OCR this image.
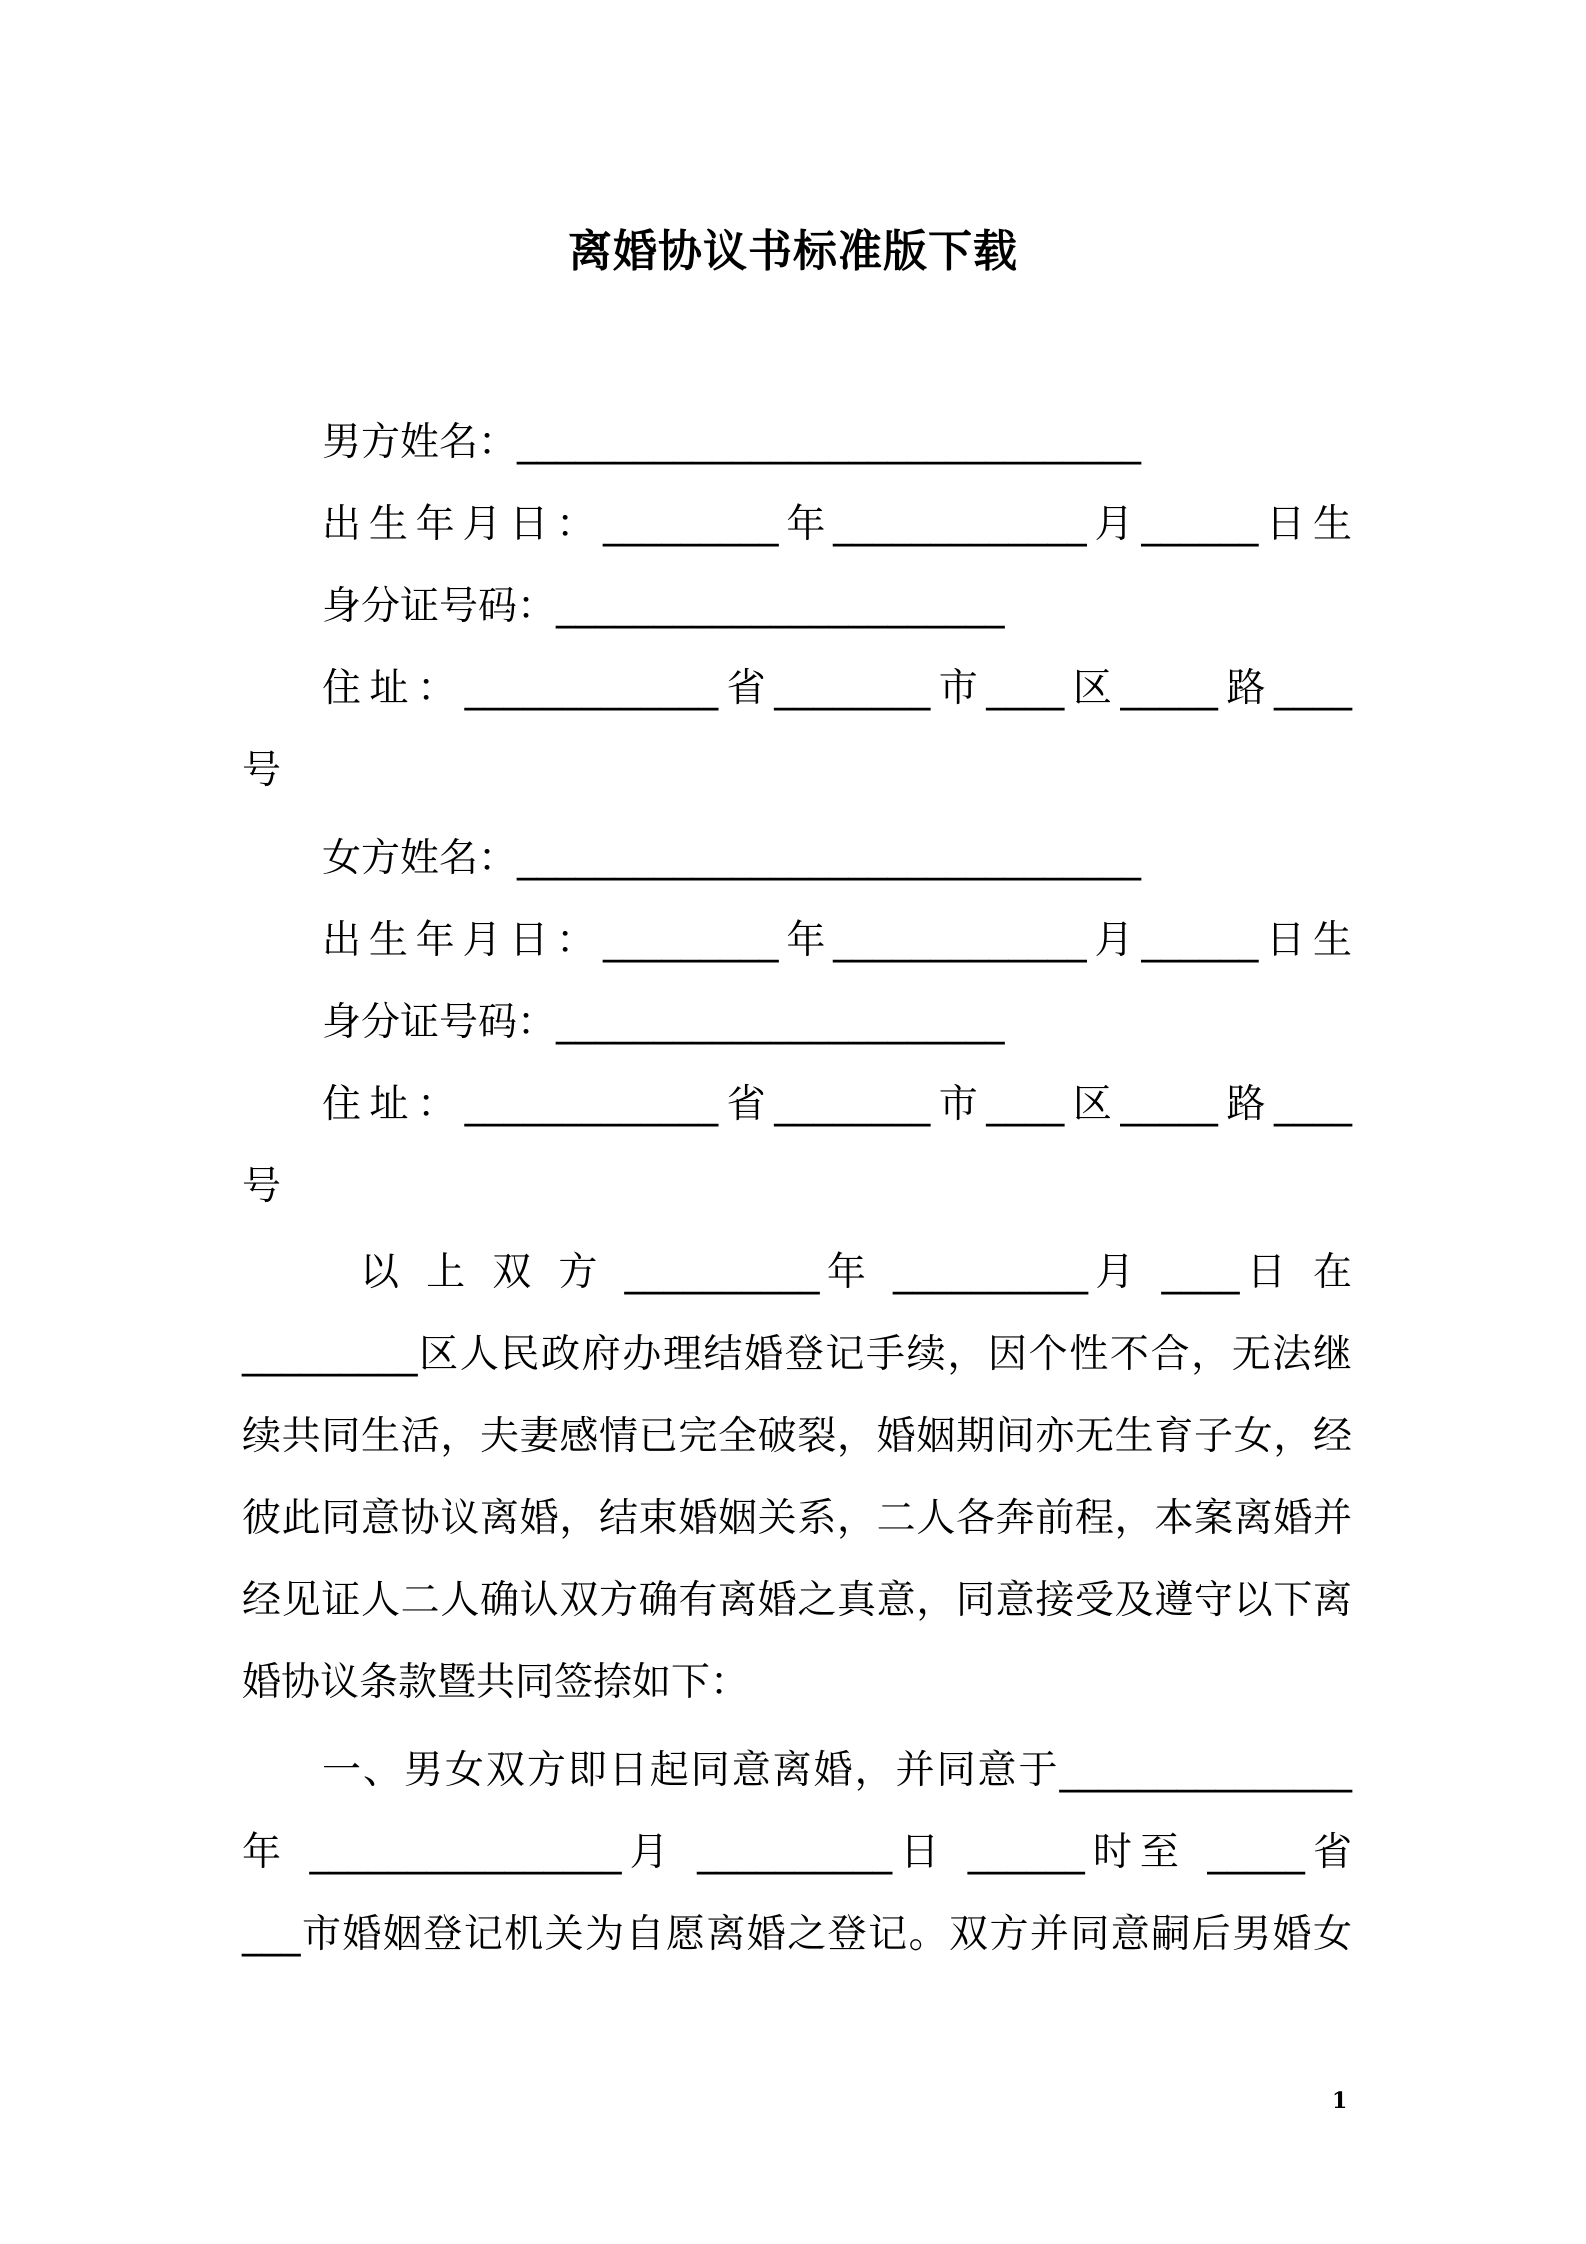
离婚协议书标准版下载
男方姓名：________________________________
出生年月日：_________年_____________月______日生
身分证号码：_______________________
住址：_____________省________市____区_____路____
号
女方姓名：________________________________
出生年月日：_________年_____________月______日生
身分证号码：_______________________
住址：_____________省________市____区_____路____
号
以 上 双 方 __________年 __________月 ____日 在
_________区人民政府办理结婚登记手续，因个性不合，无法继
续共同生活，夫妻感情已完全破裂，婚姻期间亦无生育子女，经
彼此同意协议离婚，结束婚姻关系，二人各奔前程，本案离婚并
经见证人二人确认双方确有离婚之真意，同意接受及遵守以下离
婚协议条款暨共同签捺如下：
一、男女双方即日起同意离婚，并同意于_______________
年 ________________月 __________日 ______时至 _____省
___市婚姻登记机关为自愿离婚之登记。双方并同意嗣后男婚女
1
